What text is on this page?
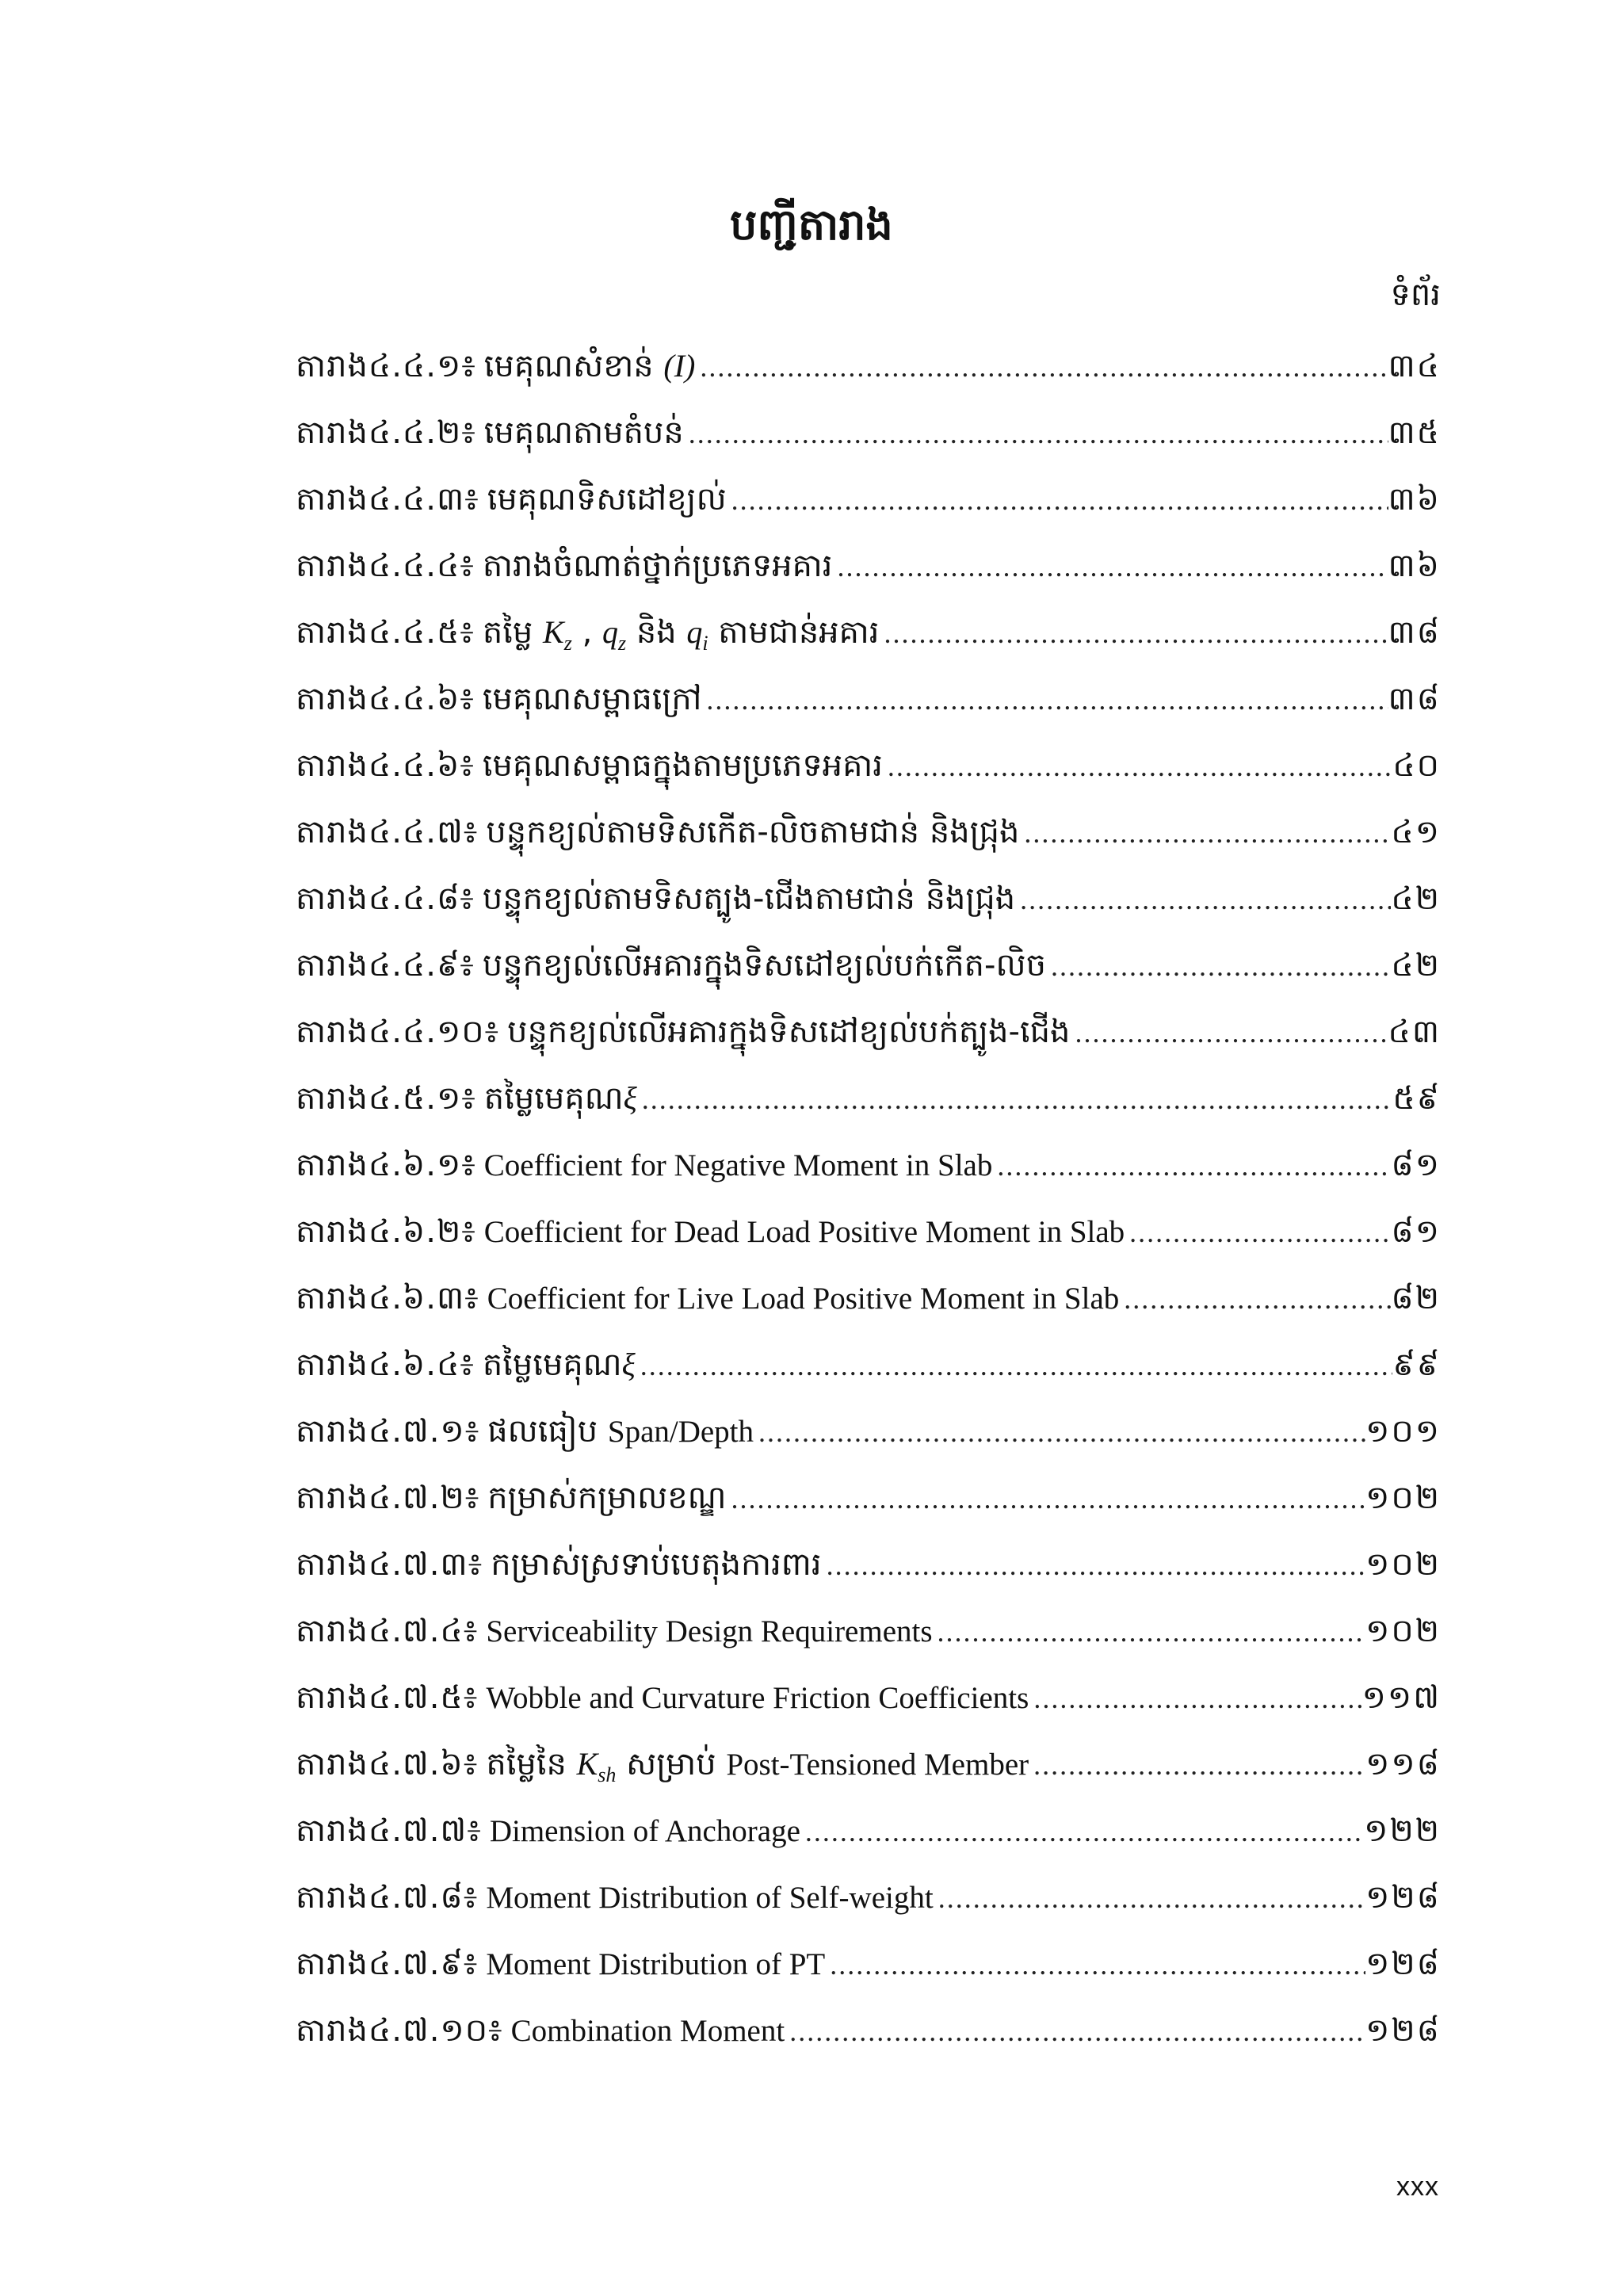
បញ្ជីតារាង
ទំព័រ
តារាង៤.៤.១៖ មេគុណសំខាន់ (I) .....	៣៤
តារាង៤.៤.២៖ មេគុណតាមតំបន់ .....	៣៥
តារាង៤.៤.៣៖ មេគុណទិសដៅខ្យល់ .....	៣៦
តារាង៤.៤.៤៖ តារាងចំណាត់ថ្នាក់ប្រភេទអគារ .....	៣៦
តារាង៤.៤.៥៖ តម្លៃ $K_z$ , $q_z$ និង $q_i$ តាមជាន់អគារ .....	៣៨
តារាង៤.៤.៦៖ មេគុណសម្ពាធក្រៅ .....	៣៨
តារាង៤.៤.៦៖ មេគុណសម្ពាធក្នុងតាមប្រភេទអគារ .....	៤០
តារាង៤.៤.៧៖ បន្ទុកខ្យល់តាមទិសកើត-លិចតាមជាន់ និងជ្រុង .....	៤១
តារាង៤.៤.៨៖ បន្ទុកខ្យល់តាមទិសត្បូង-ជើងតាមជាន់ និងជ្រុង .....	៤២
តារាង៤.៤.៩៖ បន្ទុកខ្យល់លើអគារក្នុងទិសដៅខ្យល់បក់កើត-លិច .....	៤២
តារាង៤.៤.១០៖ បន្ទុកខ្យល់លើអគារក្នុងទិសដៅខ្យល់បក់ត្បូង-ជើង .....	៤៣
តារាង៤.៥.១៖ តម្លៃមេគុណξ .....	៥៩
តារាង៤.៦.១៖ Coefficient for Negative Moment in Slab .....	៨១
តារាង៤.៦.២៖ Coefficient for Dead Load Positive Moment in Slab .....	៨១
តារាង៤.៦.៣៖ Coefficient for Live Load Positive Moment in Slab .....	៨២
តារាង៤.៦.៤៖ តម្លៃមេគុណξ .....	៩៩
តារាង៤.៧.១៖ ផលធៀប Span/Depth .....	១០១
តារាង៤.៧.២៖ កម្រាស់កម្រាលខណ្ឌ .....	១០២
តារាង៤.៧.៣៖ កម្រាស់ស្រទាប់បេតុងការពារ .....	១០២
តារាង៤.៧.៤៖ Serviceability Design Requirements .....	១០២
តារាង៤.៧.៥៖ Wobble and Curvature Friction Coefficients .....	១១៧
តារាង៤.៧.៦៖ តម្លៃនៃ $K_{sh}$ សម្រាប់ Post-Tensioned Member .....	១១៨
តារាង៤.៧.៧៖ Dimension of Anchorage .....	១២២
តារាង៤.៧.៨៖ Moment Distribution of Self-weight .....	១២៨
តារាង៤.៧.៩៖ Moment Distribution of PT .....	១២៨
តារាង៤.៧.១០៖ Combination Moment .....	១២៨
xxx
